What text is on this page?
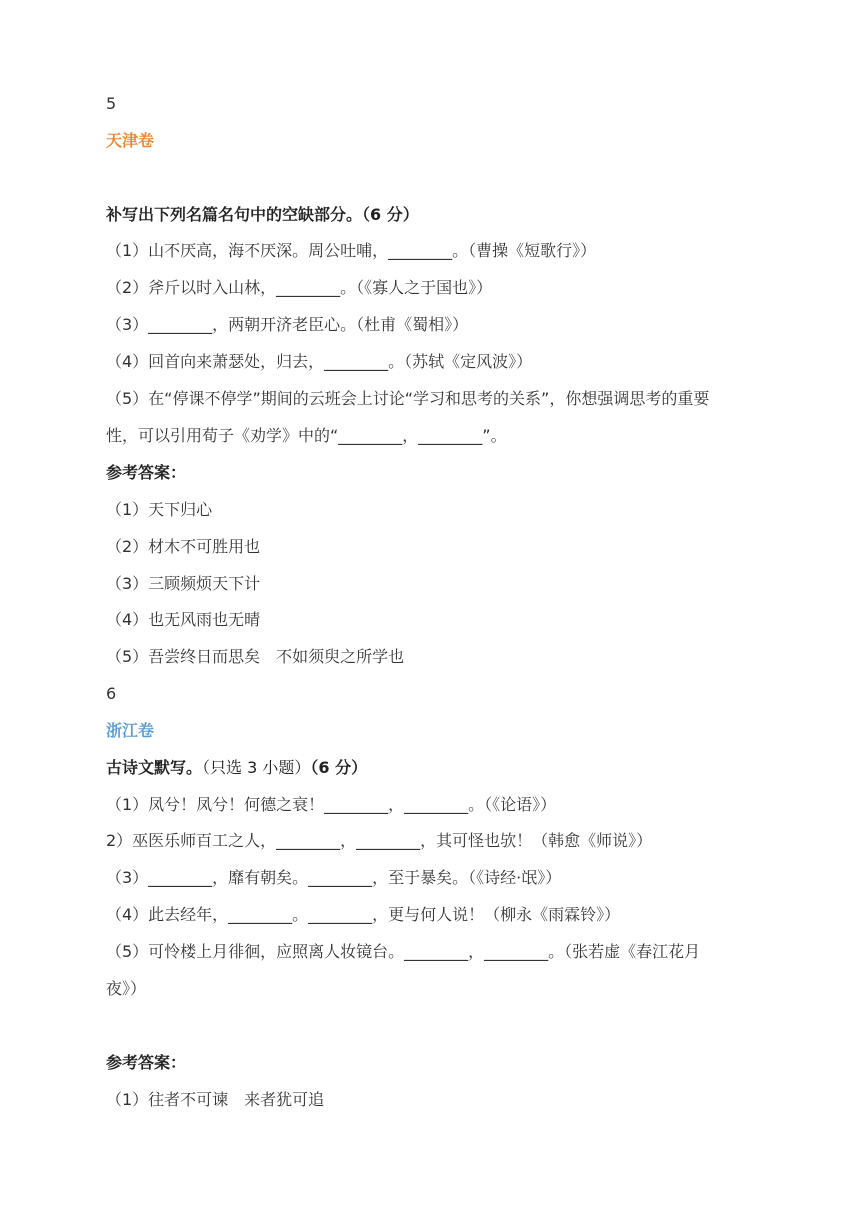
5
天津卷
补写出下列名篇名句中的空缺部分。（6 分）
（1）山不厌高，海不厌深。周公吐哺，________。（曹操《短歌行》）
（2）斧斤以时入山林，________。（《寡人之于国也》）
（3）________，两朝开济老臣心。（杜甫《蜀相》）
（4）回首向来萧瑟处，归去，________。（苏轼《定风波》）
（5）在“停课不停学”期间的云班会上讨论“学习和思考的关系”，你想强调思考的重要
性，可以引用荀子《劝学》中的“________，________”。
参考答案：
（1）天下归心
（2）材木不可胜用也
（3）三顾频烦天下计
（4）也无风雨也无晴
（5）吾尝终日而思矣　不如须臾之所学也
6
浙江卷
古诗文默写。（只选 3 小题）（6 分）
（1）凤兮！凤兮！何德之衰！________，________。（《论语》）
2）巫医乐师百工之人，________，________，其可怪也欤！（韩愈《师说》）
（3）________，靡有朝矣。________，至于暴矣。（《诗经·氓》）
（4）此去经年，________。________，更与何人说！（柳永《雨霖铃》）
（5）可怜楼上月徘徊，应照离人妆镜台。________，________。（张若虚《春江花月
夜》）
参考答案：
（1）往者不可谏　来者犹可追
